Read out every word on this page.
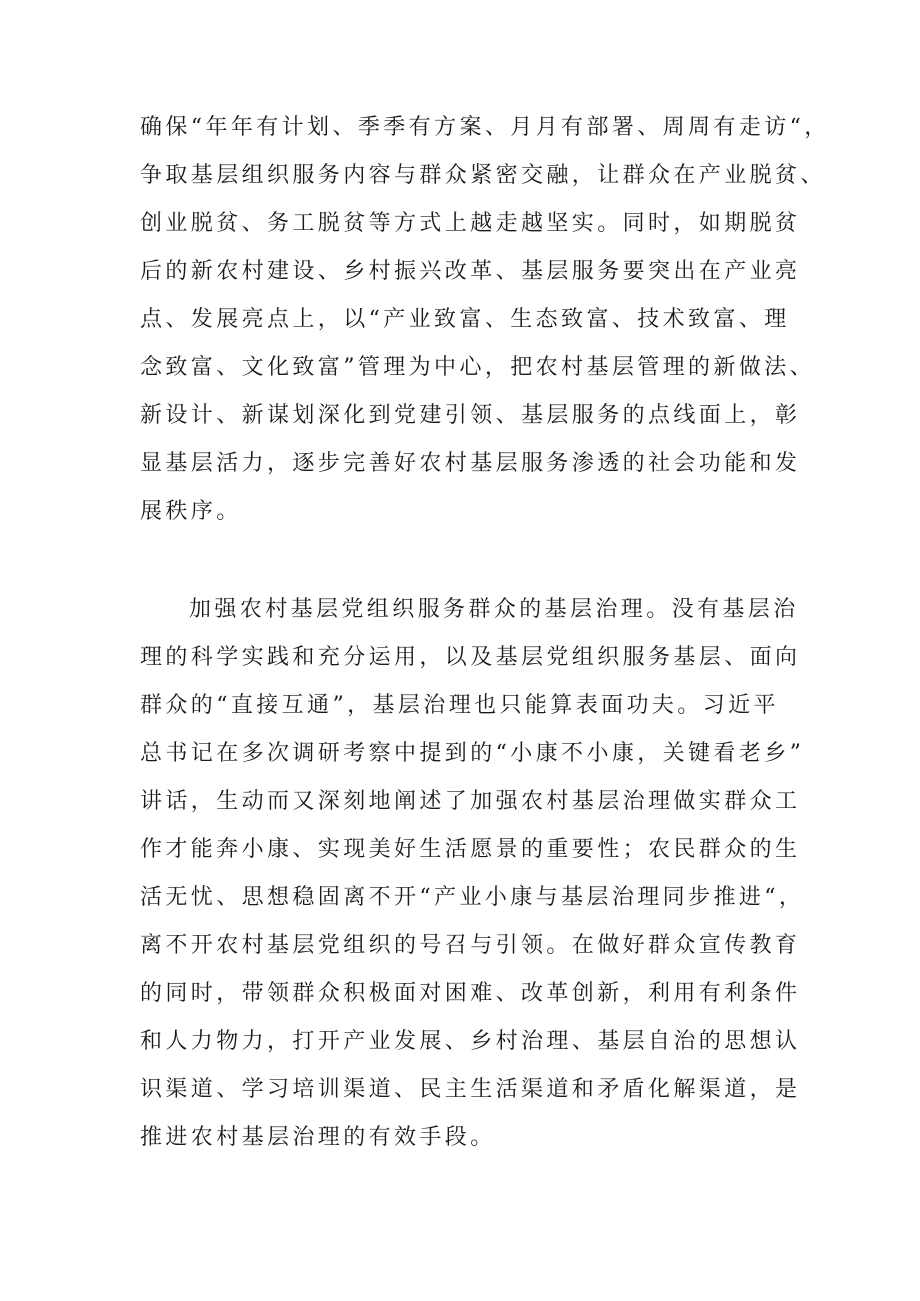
确保“年年有计划、季季有方案、月月有部署、周周有走访“，
争取基层组织服务内容与群众紧密交融，让群众在产业脱贫、
创业脱贫、务工脱贫等方式上越走越坚实。同时，如期脱贫
后的新农村建设、乡村振兴改革、基层服务要突出在产业亮
点、发展亮点上，以“产业致富、生态致富、技术致富、理
念致富、文化致富”管理为中心，把农村基层管理的新做法、
新设计、新谋划深化到党建引领、基层服务的点线面上，彰
显基层活力，逐步完善好农村基层服务渗透的社会功能和发
展秩序。
加强农村基层党组织服务群众的基层治理。没有基层治
理的科学实践和充分运用，以及基层党组织服务基层、面向
群众的“直接互通”，基层治理也只能算表面功夫。习近平
总书记在多次调研考察中提到的“小康不小康，关键看老乡”
讲话，生动而又深刻地阐述了加强农村基层治理做实群众工
作才能奔小康、实现美好生活愿景的重要性；农民群众的生
活无忧、思想稳固离不开“产业小康与基层治理同步推进“，
离不开农村基层党组织的号召与引领。在做好群众宣传教育
的同时，带领群众积极面对困难、改革创新，利用有利条件
和人力物力，打开产业发展、乡村治理、基层自治的思想认
识渠道、学习培训渠道、民主生活渠道和矛盾化解渠道，是
推进农村基层治理的有效手段。
